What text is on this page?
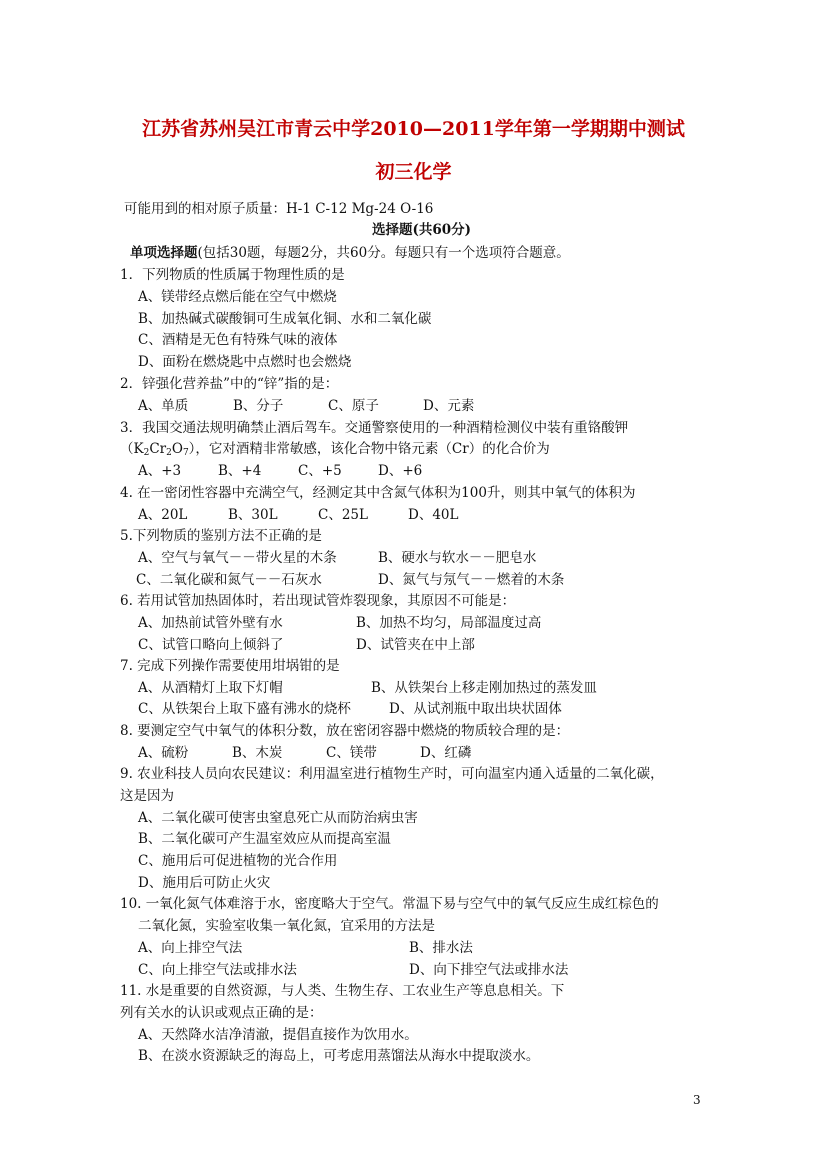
江苏省苏州吴江市青云中学2010—2011学年第一学期期中测试
初三化学
可能用到的相对原子质量：H-1 C-12 Mg-24 O-16
选择题(共60分)
单项选择题(包括30题，每题2分，共60分。每题只有一个选项符合题意。
1．下列物质的性质属于物理性质的是
A、镁带经点燃后能在空气中燃烧
B、加热碱式碳酸铜可生成氧化铜、水和二氧化碳
C、酒精是无色有特殊气味的液体
D、面粉在燃烧匙中点燃时也会燃烧
2．锌强化营养盐”中的“锌”指的是：
A、单质	B、分子	C、原子	D、元素
3．我国交通法规明确禁止酒后驾车。交通警察使用的一种酒精检测仪中装有重铬酸钾
$(K_2Cr_2O_7)$，它对酒精非常敏感，该化合物中铬元素（Cr）的化合价为
A、+3	B、+4	C、+5	D、+6
4. 在一密闭性容器中充满空气，经测定其中含氮气体积为100升，则其中氧气的体积为
A、20L	B、30L	C、25L	D、40L
5.下列物质的鉴别方法不正确的是
A、空气与氧气－－带火星的木条	B、硬水与软水－－肥皂水
C、二氧化碳和氮气－－石灰水	D、氮气与氖气－－燃着的木条
6. 若用试管加热固体时，若出现试管炸裂现象，其原因不可能是：
A、加热前试管外壁有水	B、加热不均匀，局部温度过高
C、试管口略向上倾斜了	D、试管夹在中上部
7. 完成下列操作需要使用坩埚钳的是
A、从酒精灯上取下灯帽	B、从铁架台上移走刚加热过的蒸发皿
C、从铁架台上取下盛有沸水的烧杯	D、从试剂瓶中取出块状固体
8. 要测定空气中氧气的体积分数，放在密闭容器中燃烧的物质较合理的是：
A、硫粉	B、木炭	C、镁带	D、红磷
9. 农业科技人员向农民建议：利用温室进行植物生产时，可向温室内通入适量的二氧化碳，
这是因为
A、二氧化碳可使害虫窒息死亡从而防治病虫害
B、二氧化碳可产生温室效应从而提高室温
C、施用后可促进植物的光合作用
D、施用后可防止火灾
10. 一氧化氮气体难溶于水，密度略大于空气。常温下易与空气中的氧气反应生成红棕色的
二氧化氮，实验室收集一氧化氮，宜采用的方法是
A、向上排空气法	B、排水法
C、向上排空气法或排水法	D、向下排空气法或排水法
11. 水是重要的自然资源，与人类、生物生存、工农业生产等息息相关。下
列有关水的认识或观点正确的是：
A、天然降水洁净清澈，提倡直接作为饮用水。
B、在淡水资源缺乏的海岛上，可考虑用蒸馏法从海水中提取淡水。
3
